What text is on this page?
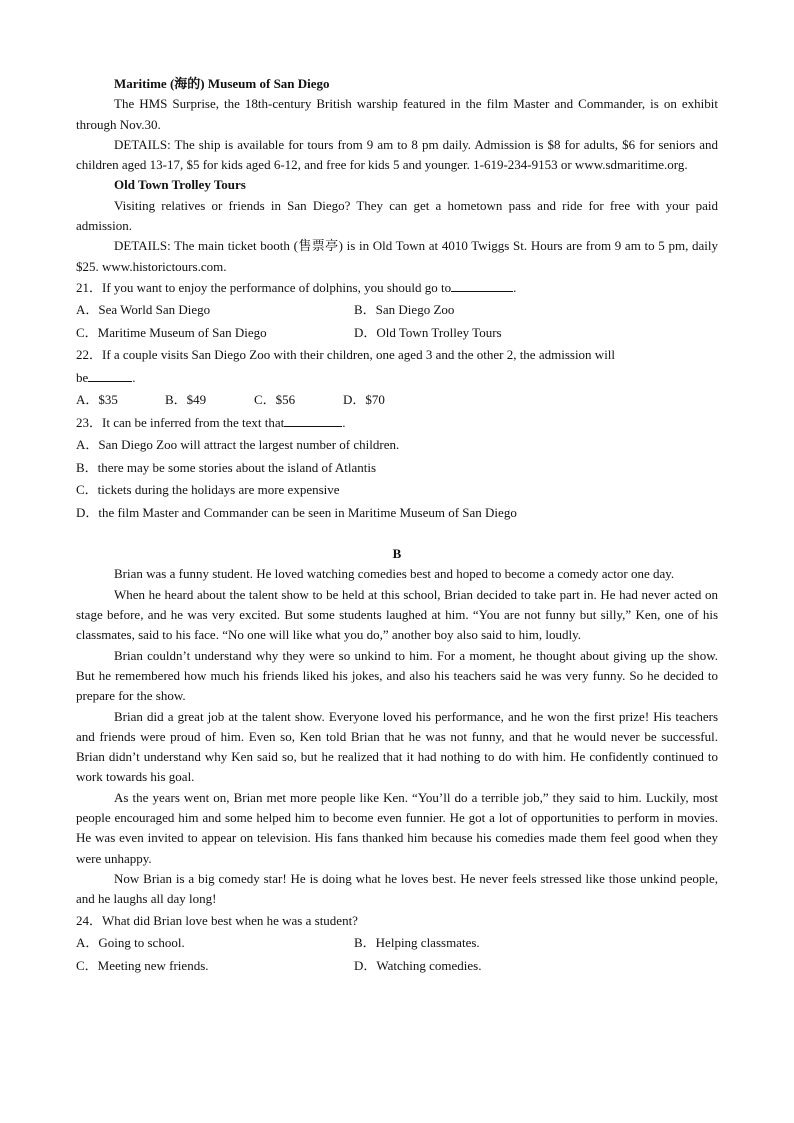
Maritime (海的) Museum of San Diego

The HMS Surprise, the 18th-century British warship featured in the film Master and Commander, is on exhibit through Nov.30.

DETAILS: The ship is available for tours from 9 am to 8 pm daily. Admission is $8 for adults, $6 for seniors and children aged 13-17, $5 for kids aged 6-12, and free for kids 5 and younger. 1-619-234-9153 or www.sdmaritime.org.

Old Town Trolley Tours

Visiting relatives or friends in San Diego? They can get a hometown pass and ride for free with your paid admission.

DETAILS: The main ticket booth (售票亭) is in Old Town at 4010 Twiggs St. Hours are from 9 am to 5 pm, daily $25. www.historictours.com.

21．If you want to enjoy the performance of dolphins, you should go to	.

A．Sea World San Diego	B．San Diego Zoo
C．Maritime Museum of San Diego	D．Old Town Trolley Tours

22．If a couple visits San Diego Zoo with their children, one aged 3 and the other 2, the admission will

be	.

A．$35	B．$49	C．$56	D．$70

23．It can be inferred from the text that	.

A．San Diego Zoo will attract the largest number of children.

B．there may be some stories about the island of Atlantis

C．tickets during the holidays are more expensive

D．the film Master and Commander can be seen in Maritime Museum of San Diego

B

Brian was a funny student. He loved watching comedies best and hoped to become a comedy actor one day.

When he heard about the talent show to be held at this school, Brian decided to take part in. He had never acted on stage before, and he was very excited. But some students laughed at him. “You are not funny but silly,” Ken, one of his classmates, said to his face. “No one will like what you do,” another boy also said to him, loudly.

Brian couldn’t understand why they were so unkind to him. For a moment, he thought about giving up the show. But he remembered how much his friends liked his jokes, and also his teachers said he was very funny. So he decided to prepare for the show.

Brian did a great job at the talent show. Everyone loved his performance, and he won the first prize! His teachers and friends were proud of him. Even so, Ken told Brian that he was not funny, and that he would never be successful. Brian didn’t understand why Ken said so, but he realized that it had nothing to do with him. He confidently continued to work towards his goal.

As the years went on, Brian met more people like Ken. “You’ll do a terrible job,” they said to him. Luckily, most people encouraged him and some helped him to become even funnier. He got a lot of opportunities to perform in movies. He was even invited to appear on television. His fans thanked him because his comedies made them feel good when they were unhappy.

Now Brian is a big comedy star! He is doing what he loves best. He never feels stressed like those unkind people, and he laughs all day long!

24．What did Brian love best when he was a student?

A．Going to school.	B．Helping classmates.
C．Meeting new friends.	D．Watching comedies.
